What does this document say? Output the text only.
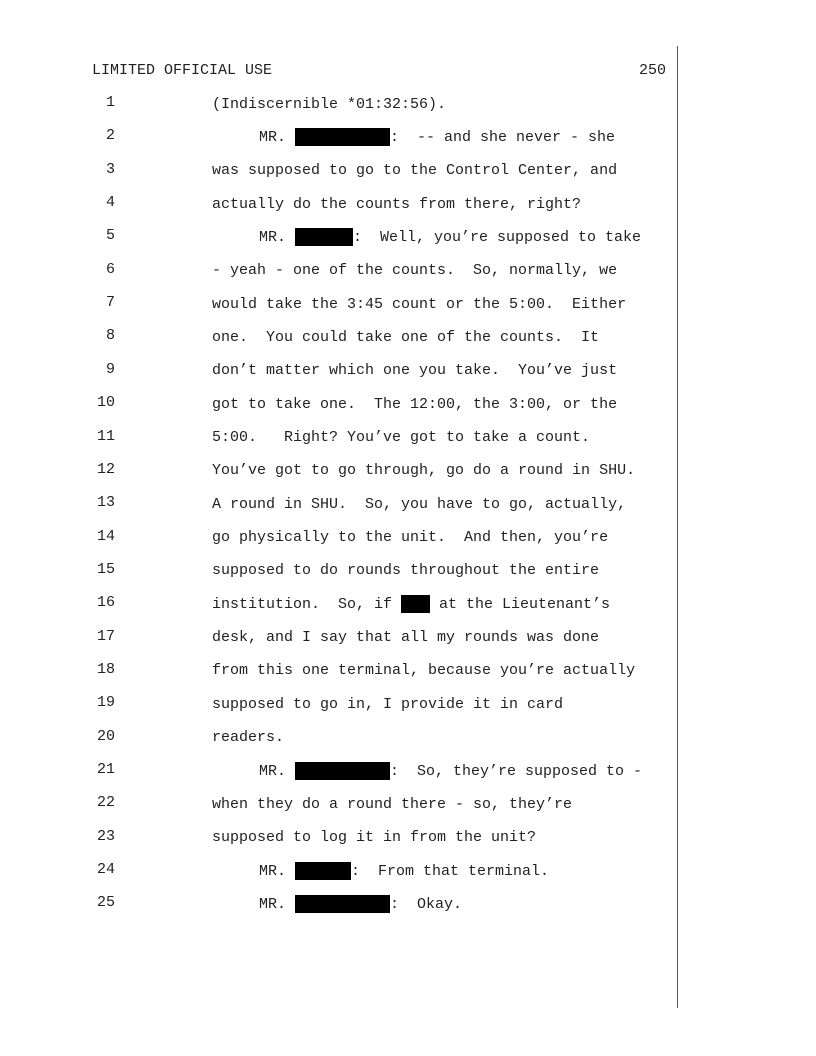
LIMITED OFFICIAL USE	250
1	(Indiscernible *01:32:56).
2	MR.	:  -- and she never - she
3	was supposed to go to the Control Center, and
4	actually do the counts from there, right?
5	MR.	:  Well, you’re supposed to take
6	- yeah - one of the counts.  So, normally, we
7	would take the 3:45 count or the 5:00.  Either
8	one.  You could take one of the counts.  It
9	don’t matter which one you take.  You’ve just
10	got to take one.  The 12:00, the 3:00, or the
11	5:00.   Right? You’ve got to take a count.
12	You’ve got to go through, go do a round in SHU.
13	A round in SHU.  So, you have to go, actually,
14	go physically to the unit.  And then, you’re
15	supposed to do rounds throughout the entire
16	institution.  So, if at the Lieutenant’s
17	desk, and I say that all my rounds was done
18	from this one terminal, because you’re actually
19	supposed to go in, I provide it in card
20	readers.
21	MR.	:  So, they’re supposed to -
22	when they do a round there - so, they’re
23	supposed to log it in from the unit?
24	MR.	:  From that terminal.
25	MR.	:  Okay.
